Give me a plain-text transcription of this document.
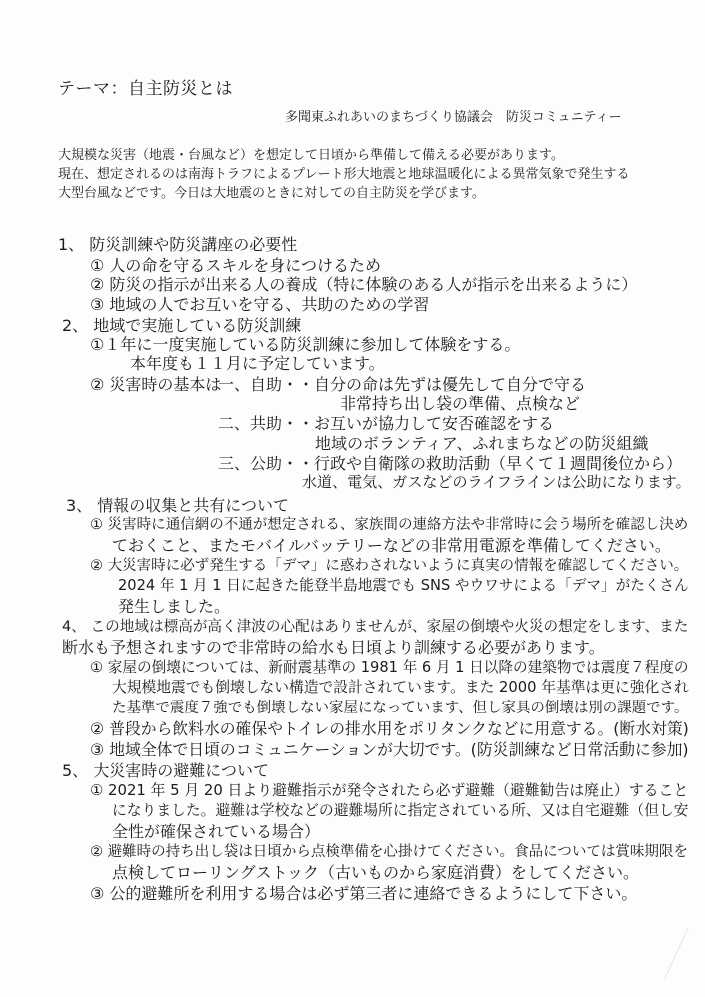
テーマ：自主防災とは
多聞東ふれあいのまちづくり協議会　防災コミュニティー
大規模な災害（地震・台風など）を想定して日頃から準備して備える必要があります。
現在、想定されるのは南海トラフによるプレート形大地震と地球温暖化による異常気象で発生する
大型台風などです。今日は大地震のときに対しての自主防災を学びます。
1、 防災訓練や防災講座の必要性
① 人の命を守るスキルを身につけるため
② 防災の指示が出来る人の養成（特に体験のある人が指示を出来るように）
③ 地域の人でお互いを守る、共助のための学習
2、 地域で実施している防災訓練
①１年に一度実施している防災訓練に参加して体験をする。
本年度も１１月に予定しています。
② 災害時の基本は
一、自助・・自分の命は先ずは優先して自分で守る
非常持ち出し袋の準備、点検など
二、共助・・お互いが協力して安否確認をする
地域のボランティア、ふれまちなどの防災組織
三、公助・・行政や自衛隊の救助活動（早くて１週間後位から）
水道、電気、ガスなどのライフラインは公助になります。
3、 情報の収集と共有について
① 災害時に通信網の不通が想定される、家族間の連絡方法や非常時に会う場所を確認し決め
ておくこと、またモバイルバッテリーなどの非常用電源を準備してください。
② 大災害時に必ず発生する「デマ」に惑わされないように真実の情報を確認してください。
2024 年 1 月 1 日に起きた能登半島地震でも SNS やウワサによる「デマ」がたくさん
発生しました。
4、 この地域は標高が高く津波の心配はありませんが、家屋の倒壊や火災の想定をします、また
断水も予想されますので非常時の給水も日頃より訓練する必要があります。
① 家屋の倒壊については、新耐震基準の 1981 年 6 月 1 日以降の建築物では震度７程度の
大規模地震でも倒壊しない構造で設計されています。また 2000 年基準は更に強化され
た基準で震度７強でも倒壊しない家屋になっています、但し家具の倒壊は別の課題です。
② 普段から飲料水の確保やトイレの排水用をポリタンクなどに用意する。(断水対策)
③ 地域全体で日頃のコミュニケーションが大切です。(防災訓練など日常活動に参加)
5、 大災害時の避難について
① 2021 年 5 月 20 日より避難指示が発令されたら必ず避難（避難勧告は廃止）すること
になりました。避難は学校などの避難場所に指定されている所、又は自宅避難（但し安
全性が確保されている場合）
② 避難時の持ち出し袋は日頃から点検準備を心掛けてください。食品については賞味期限を
点検してローリングストック（古いものから家庭消費）をしてください。
③ 公的避難所を利用する場合は必ず第三者に連絡できるようにして下さい。
